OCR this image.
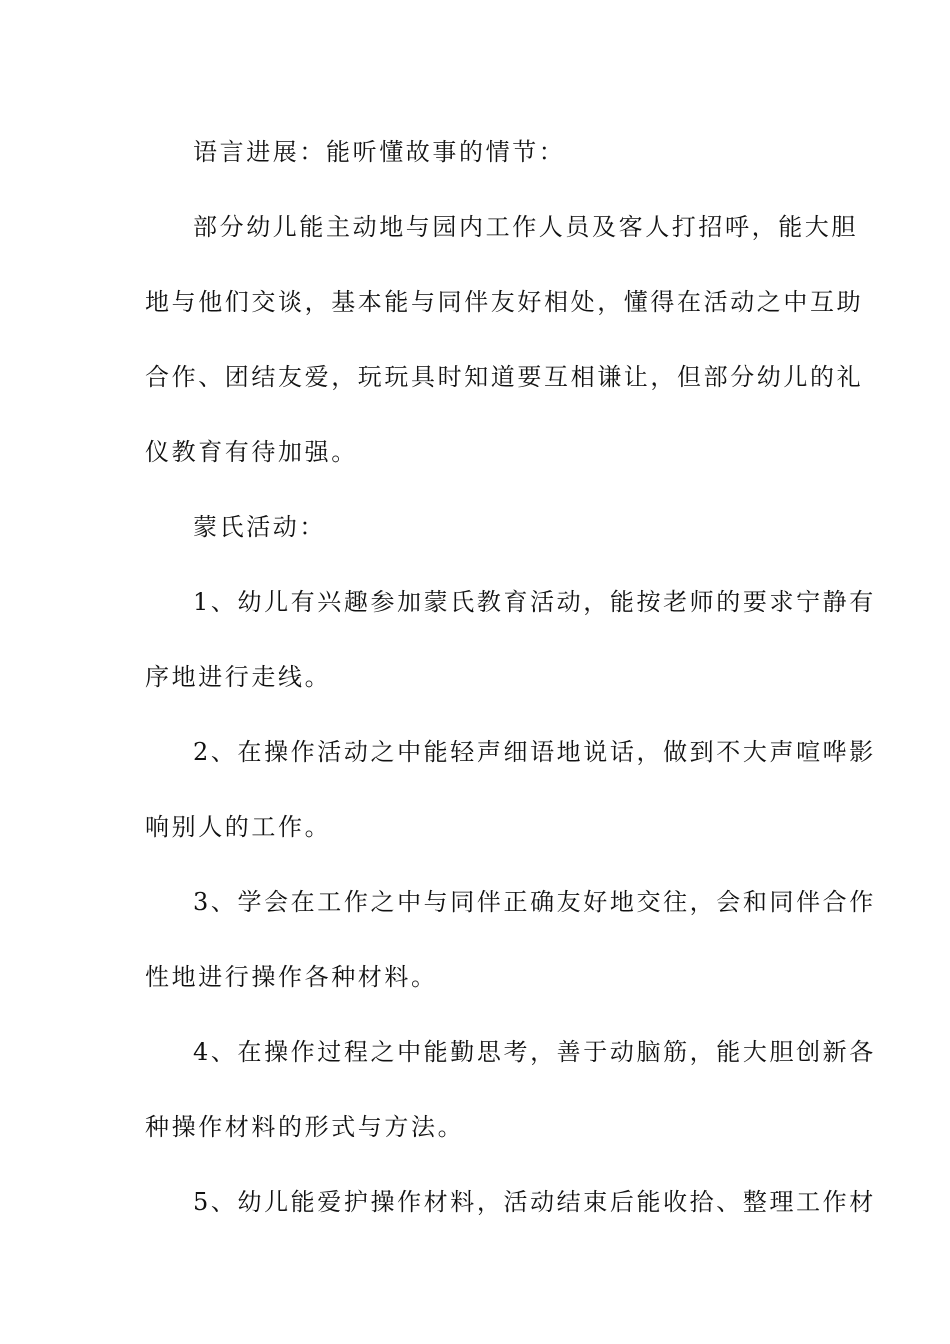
语言进展：能听懂故事的情节：
部分幼儿能主动地与园内工作人员及客人打招呼，能大胆
地与他们交谈，基本能与同伴友好相处，懂得在活动之中互助
合作、团结友爱，玩玩具时知道要互相谦让，但部分幼儿的礼
仪教育有待加强。
蒙氏活动：
1、幼儿有兴趣参加蒙氏教育活动，能按老师的要求宁静有
序地进行走线。
2、在操作活动之中能轻声细语地说话，做到不大声喧哗影
响别人的工作。
3、学会在工作之中与同伴正确友好地交往，会和同伴合作
性地进行操作各种材料。
4、在操作过程之中能勤思考，善于动脑筋，能大胆创新各
种操作材料的形式与方法。
5、幼儿能爱护操作材料，活动结束后能收拾、整理工作材
